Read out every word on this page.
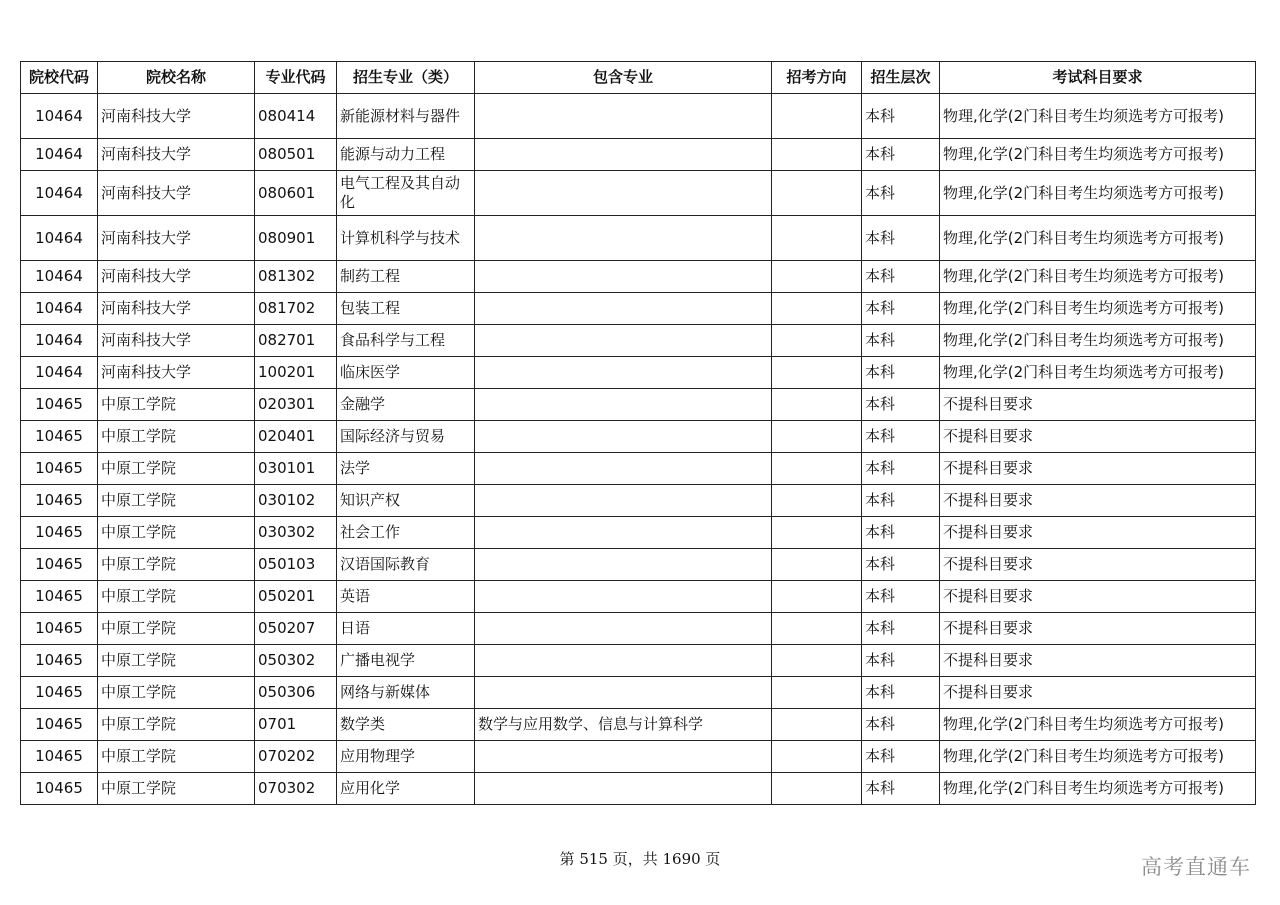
院校代码	院校名称	专业代码	招生专业（类）	包含专业	招考方向	招生层次	考试科目要求
10464	河南科技大学	080414	新能源材料与器件			本科	物理,化学(2门科目考生均须选考方可报考)
10464	河南科技大学	080501	能源与动力工程			本科	物理,化学(2门科目考生均须选考方可报考)
10464	河南科技大学	080601	电气工程及其自动化			本科	物理,化学(2门科目考生均须选考方可报考)
10464	河南科技大学	080901	计算机科学与技术			本科	物理,化学(2门科目考生均须选考方可报考)
10464	河南科技大学	081302	制药工程			本科	物理,化学(2门科目考生均须选考方可报考)
10464	河南科技大学	081702	包装工程			本科	物理,化学(2门科目考生均须选考方可报考)
10464	河南科技大学	082701	食品科学与工程			本科	物理,化学(2门科目考生均须选考方可报考)
10464	河南科技大学	100201	临床医学			本科	物理,化学(2门科目考生均须选考方可报考)
10465	中原工学院	020301	金融学			本科	不提科目要求
10465	中原工学院	020401	国际经济与贸易			本科	不提科目要求
10465	中原工学院	030101	法学			本科	不提科目要求
10465	中原工学院	030102	知识产权			本科	不提科目要求
10465	中原工学院	030302	社会工作			本科	不提科目要求
10465	中原工学院	050103	汉语国际教育			本科	不提科目要求
10465	中原工学院	050201	英语			本科	不提科目要求
10465	中原工学院	050207	日语			本科	不提科目要求
10465	中原工学院	050302	广播电视学			本科	不提科目要求
10465	中原工学院	050306	网络与新媒体			本科	不提科目要求
10465	中原工学院	0701	数学类	数学与应用数学、信息与计算科学		本科	物理,化学(2门科目考生均须选考方可报考)
10465	中原工学院	070202	应用物理学			本科	物理,化学(2门科目考生均须选考方可报考)
10465	中原工学院	070302	应用化学			本科	物理,化学(2门科目考生均须选考方可报考)
第 515 页，共 1690 页	高考直通车
